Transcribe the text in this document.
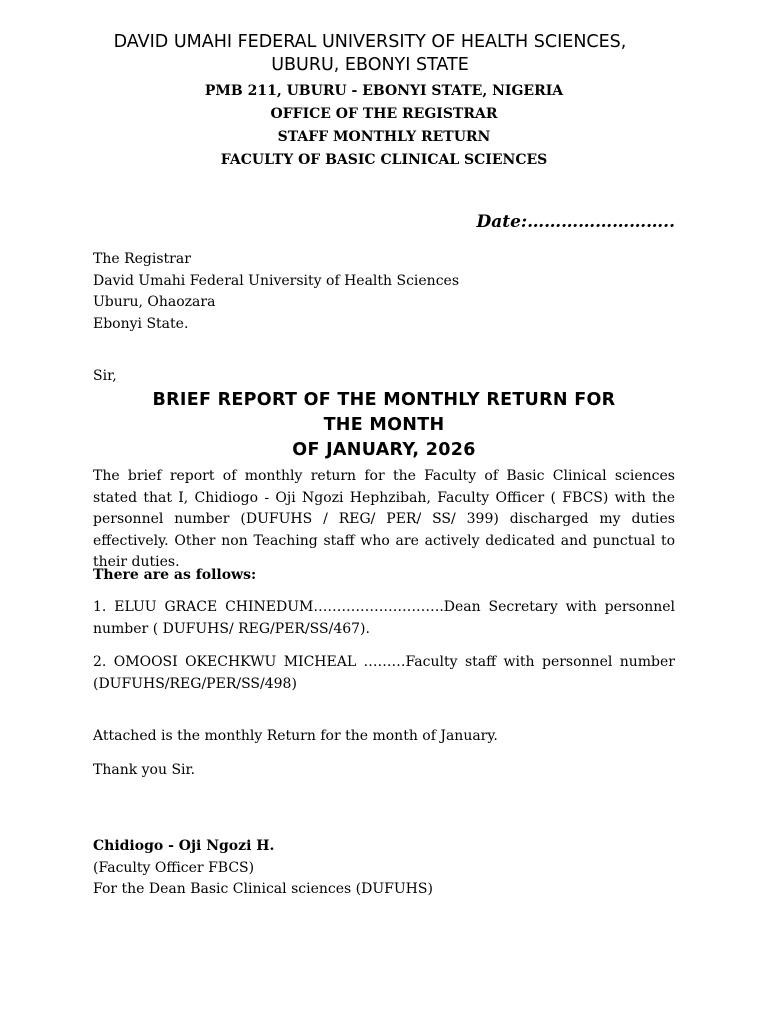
DAVID UMAHI FEDERAL UNIVERSITY OF HEALTH SCIENCES,
UBURU, EBONYI STATE
PMB 211, UBURU - EBONYI STATE, NIGERIA
OFFICE OF THE REGISTRAR
STAFF MONTHLY RETURN
FACULTY OF BASIC CLINICAL SCIENCES
Date:……………………..
The Registrar
David Umahi Federal University of Health Sciences
Uburu, Ohaozara
Ebonyi State.
Sir,
BRIEF REPORT OF THE MONTHLY RETURN FOR
THE MONTH
OF JANUARY, 2026
The brief report of monthly return for the Faculty of Basic Clinical sciences stated that I, Chidiogo - Oji Ngozi Hephzibah, Faculty Officer ( FBCS) with the personnel number (DUFUHS / REG/ PER/ SS/ 399) discharged my duties effectively. Other non Teaching staff who are actively dedicated and punctual to their duties.
There are as follows:
1. ELUU GRACE CHINEDUM……………………….Dean Secretary with personnel number ( DUFUHS/ REG/PER/SS/467).
2. OMOOSI OKECHKWU MICHEAL ………Faculty staff with personnel number (DUFUHS/REG/PER/SS/498)
Attached is the monthly Return for the month of January.
Thank you Sir.
Chidiogo - Oji Ngozi H.
(Faculty Officer FBCS)
For the Dean Basic Clinical sciences (DUFUHS)
